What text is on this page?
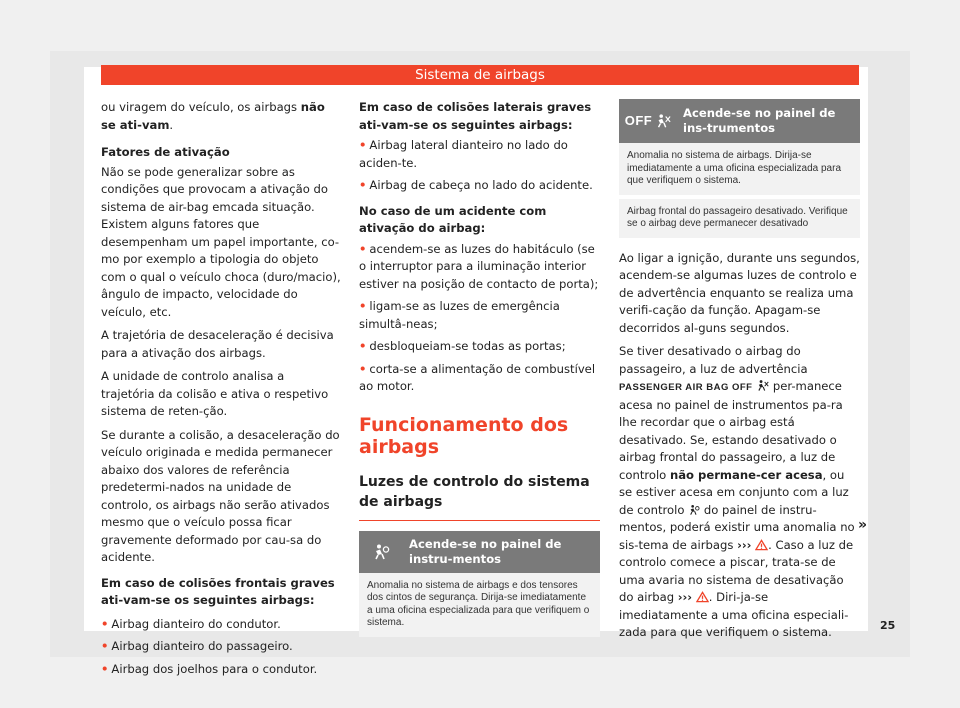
Sistema de airbags

ou viragem do veículo, os airbags não se ati-vam.

Fatores de ativação

Não se pode generalizar sobre as condições que provocam a ativação do sistema de air-bag emcada situação. Existem alguns fatores que desempenham um papel importante, co-mo por exemplo a tipologia do objeto com o qual o veículo choca (duro/macio), ângulo de impacto, velocidade do veículo, etc.

A trajetória de desaceleração é decisiva para a ativação dos airbags.

A unidade de controlo analisa a trajetória da colisão e ativa o respetivo sistema de reten-ção.

Se durante a colisão, a desaceleração do veículo originada e medida permanecer abaixo dos valores de referência predetermi-nados na unidade de controlo, os airbags não serão ativados mesmo que o veículo possa ficar gravemente deformado por cau-sa do acidente.

Em caso de colisões frontais graves ati-vam-se os seguintes airbags:

• Airbag dianteiro do condutor.
• Airbag dianteiro do passageiro.
• Airbag dos joelhos para o condutor.

Em caso de colisões laterais graves ati-vam-se os seguintes airbags:

• Airbag lateral dianteiro no lado do aciden-te.
• Airbag de cabeça no lado do acidente.

No caso de um acidente com ativação do airbag:

• acendem-se as luzes do habitáculo (se o interruptor para a iluminação interior estiver na posição de contacto de porta);
• ligam-se as luzes de emergência simultâ-neas;
• desbloqueiam-se todas as portas;
• corta-se a alimentação de combustível ao motor.
Funcionamento dos airbags
Luzes de controlo do sistema de airbags
Acende-se no painel de instru-mentos
Anomalia no sistema de airbags e dos tensores dos cintos de segurança. Dirija-se imediatamente a uma oficina especializada para que verifiquem o sistema.
OFF
Acende-se no painel de ins-trumentos
Anomalia no sistema de airbags. Dirija-se imediatamente a uma oficina especializada para que verifiquem o sistema.
Airbag frontal do passageiro desativado. Verifique se o airbag deve permanecer desativado

Ao ligar a ignição, durante uns segundos, acendem-se algumas luzes de controlo e de advertência enquanto se realiza uma verifi-cação da função. Apagam-se decorridos al-guns segundos.

Se tiver desativado o airbag do passageiro, a luz de advertência PASSENGER AIR BAG OFF  per-manece acesa no painel de instrumentos pa-ra lhe recordar que o airbag está desativado. Se, estando desativado o airbag frontal do passageiro, a luz de controlo não permane-cer acesa, ou se estiver acesa em conjunto com a luz de controlo  do painel de instru-mentos, poderá existir uma anomalia no sis-tema de airbags ››› . Caso a luz de controlo comece a piscar, trata-se de uma avaria no sistema de desativação do airbag ››› . Diri-ja-se imediatamente a uma oficina especiali-zada para que verifiquem o sistema.

»
25
